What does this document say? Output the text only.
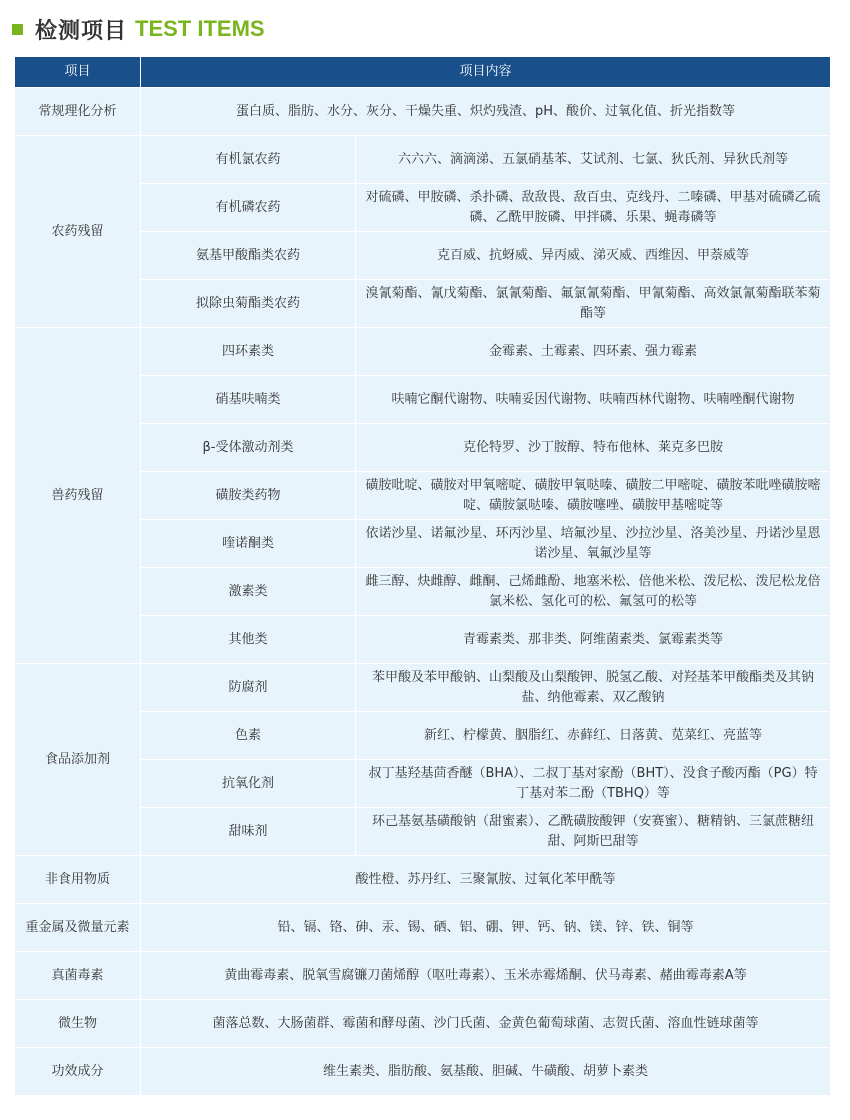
检测项目 TEST ITEMS
项目	项目内容	
常规理化分析	蛋白质、脂肪、水分、灰分、干燥失重、炽灼残渣、pH、酸价、过氧化值、折光指数等	
农药残留	有机氯农药	六六六、滴滴涕、五氯硝基苯、艾试剂、七氯、狄氏剂、异狄氏剂等
	有机磷农药	对硫磷、甲胺磷、杀扑磷、敌敌畏、敌百虫、克线丹、二嗪磷、甲基对硫磷乙硫磷、乙酰甲胺磷、甲拌磷、乐果、蝇毒磷等
	氨基甲酸酯类农药	克百威、抗蚜威、异丙威、涕灭威、西维因、甲萘威等
	拟除虫菊酯类农药	溴氰菊酯、氰戊菊酯、氯氰菊酯、氟氯氰菊酯、甲氰菊酯、高效氯氰菊酯联苯菊酯等
兽药残留	四环素类	金霉素、土霉素、四环素、强力霉素
	硝基呋喃类	呋喃它酮代谢物、呋喃妥因代谢物、呋喃西林代谢物、呋喃唑酮代谢物
	β-受体激动剂类	克伦特罗、沙丁胺醇、特布他林、莱克多巴胺
	磺胺类药物	磺胺吡啶、磺胺对甲氧嘧啶、磺胺甲氧哒嗪、磺胺二甲嘧啶、磺胺苯吡唑磺胺嘧啶、磺胺氯哒嗪、磺胺噻唑、磺胺甲基嘧啶等
	喹诺酮类	依诺沙星、诺氟沙星、环丙沙星、培氟沙星、沙拉沙星、洛美沙星、丹诺沙星恩诺沙星、氧氟沙星等
	激素类	雌三醇、炔雌醇、雌酮、己烯雌酚、地塞米松、倍他米松、泼尼松、泼尼松龙倍氯米松、氢化可的松、氟氢可的松等
	其他类	青霉素类、那非类、阿维菌素类、氯霉素类等
食品添加剂	防腐剂	苯甲酸及苯甲酸钠、山梨酸及山梨酸钾、脱氢乙酸、对羟基苯甲酸酯类及其钠盐、纳他霉素、双乙酸钠
	色素	新红、柠檬黄、胭脂红、赤藓红、日落黄、苋菜红、亮蓝等
	抗氧化剂	叔丁基羟基茴香醚（BHA）、二叔丁基对家酚（BHT）、没食子酸丙酯（PG）特丁基对苯二酚（TBHQ）等
	甜味剂	环己基氨基磺酸钠（甜蜜素）、乙酰磺胺酸钾（安赛蜜）、糖精钠、三氯蔗糖纽甜、阿斯巴甜等
非食用物质	酸性橙、苏丹红、三聚氰胺、过氧化苯甲酰等	
重金属及微量元素	铅、镉、铬、砷、汞、锡、硒、铝、硼、钾、钙、钠、镁、锌、铁、铜等	
真菌毒素	黄曲霉毒素、脱氧雪腐镰刀菌烯醇（呕吐毒素）、玉米赤霉烯酮、伏马毒素、赭曲霉毒素A等	
微生物	菌落总数、大肠菌群、霉菌和酵母菌、沙门氏菌、金黄色葡萄球菌、志贺氏菌、溶血性链球菌等	
功效成分	维生素类、脂肪酸、氨基酸、胆碱、牛磺酸、胡萝卜素类	
